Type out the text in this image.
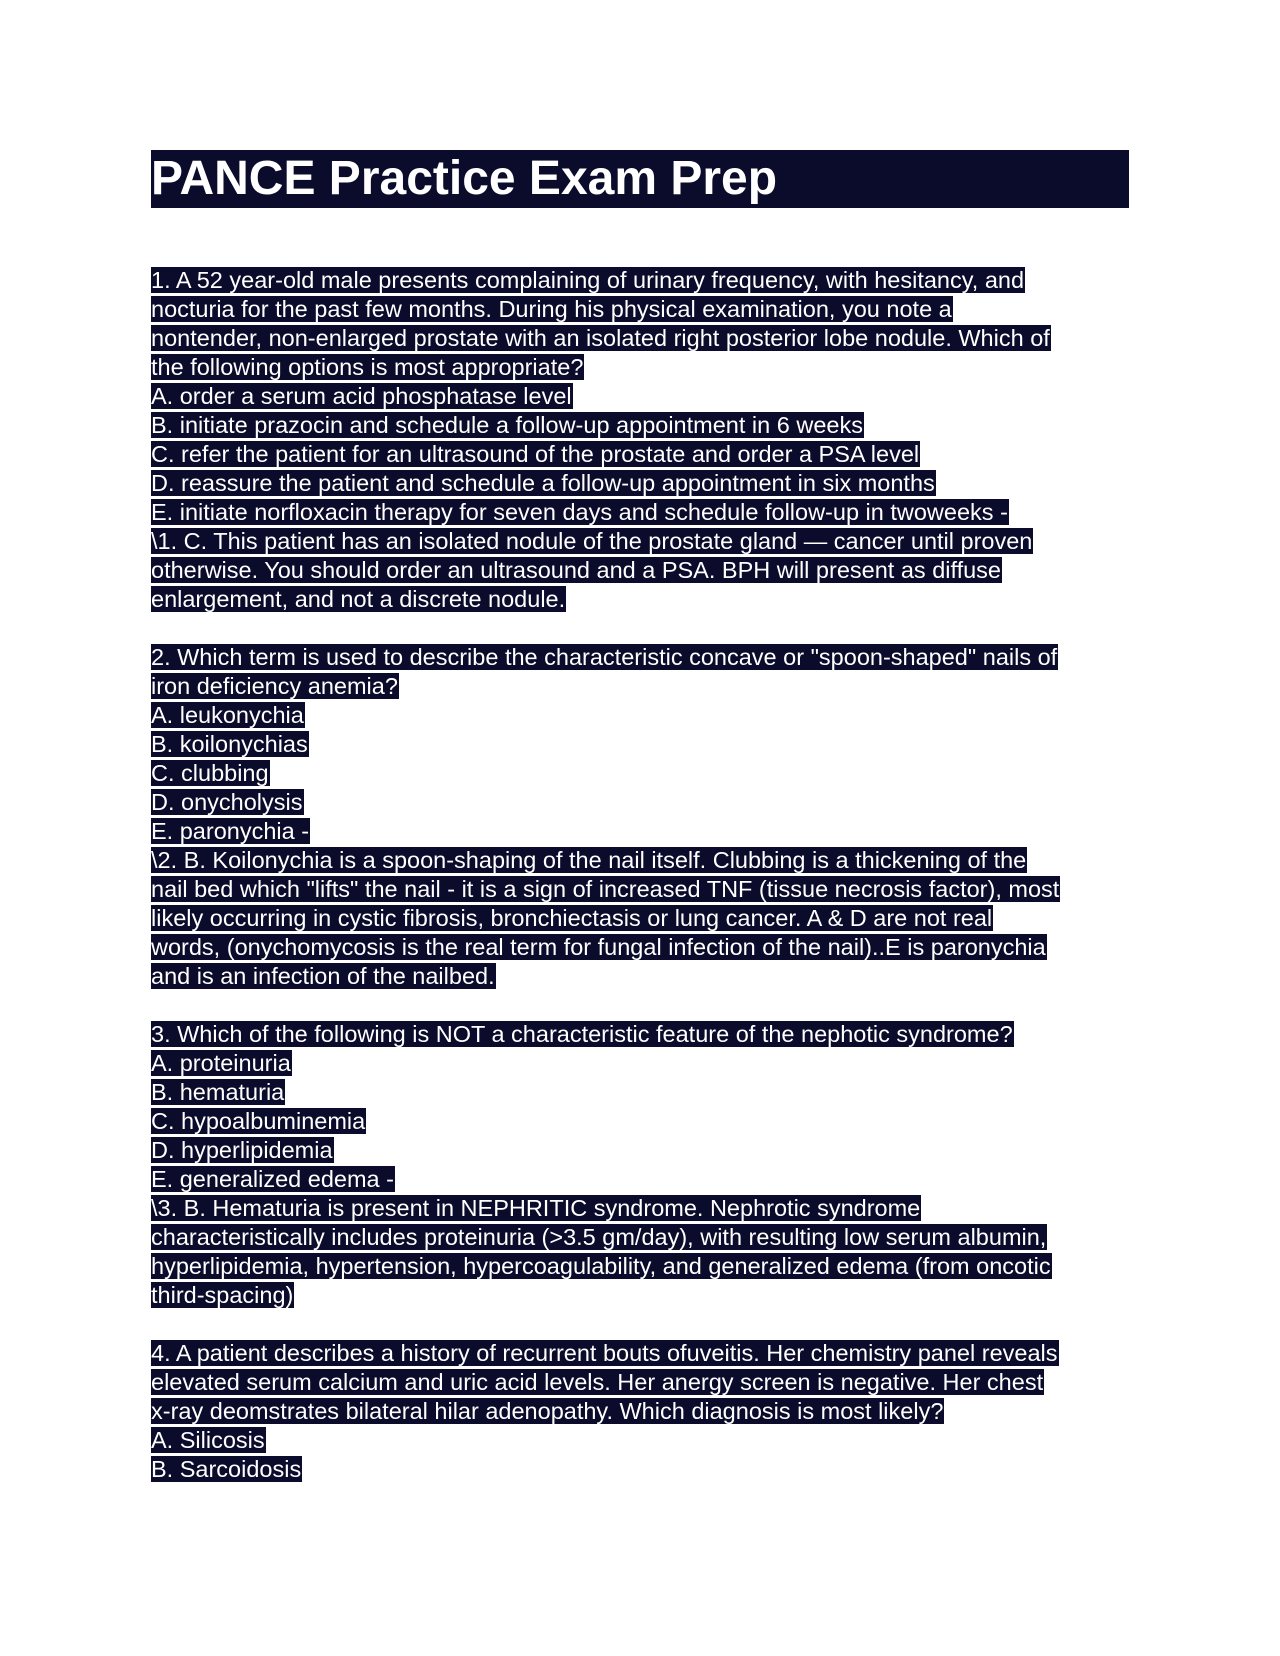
PANCE Practice Exam Prep
1. A 52 year-old male presents complaining of urinary frequency, with hesitancy, and
nocturia for the past few months. During his physical examination, you note a
nontender, non-enlarged prostate with an isolated right posterior lobe nodule. Which of
the following options is most appropriate?
A. order a serum acid phosphatase level
B. initiate prazocin and schedule a follow-up appointment in 6 weeks
C. refer the patient for an ultrasound of the prostate and order a PSA level
D. reassure the patient and schedule a follow-up appointment in six months
E. initiate norfloxacin therapy for seven days and schedule follow-up in twoweeks -
\1. C. This patient has an isolated nodule of the prostate gland — cancer until proven
otherwise. You should order an ultrasound and a PSA. BPH will present as diffuse
enlargement, and not a discrete nodule.
2. Which term is used to describe the characteristic concave or "spoon-shaped" nails of
iron deficiency anemia?
A. leukonychia
B. koilonychias
C. clubbing
D. onycholysis
E. paronychia -
\2. B. Koilonychia is a spoon-shaping of the nail itself. Clubbing is a thickening of the
nail bed which "lifts" the nail - it is a sign of increased TNF (tissue necrosis factor), most
likely occurring in cystic fibrosis, bronchiectasis or lung cancer. A & D are not real
words, (onychomycosis is the real term for fungal infection of the nail)..E is paronychia
and is an infection of the nailbed.
3. Which of the following is NOT a characteristic feature of the nephotic syndrome?
A. proteinuria
B. hematuria
C. hypoalbuminemia
D. hyperlipidemia
E. generalized edema -
\3. B. Hematuria is present in NEPHRITIC syndrome. Nephrotic syndrome
characteristically includes proteinuria (>3.5 gm/day), with resulting low serum albumin,
hyperlipidemia, hypertension, hypercoagulability, and generalized edema (from oncotic
third-spacing)
4. A patient describes a history of recurrent bouts ofuveitis. Her chemistry panel reveals
elevated serum calcium and uric acid levels. Her anergy screen is negative. Her chest
x-ray deomstrates bilateral hilar adenopathy. Which diagnosis is most likely?
A. Silicosis
B. Sarcoidosis
